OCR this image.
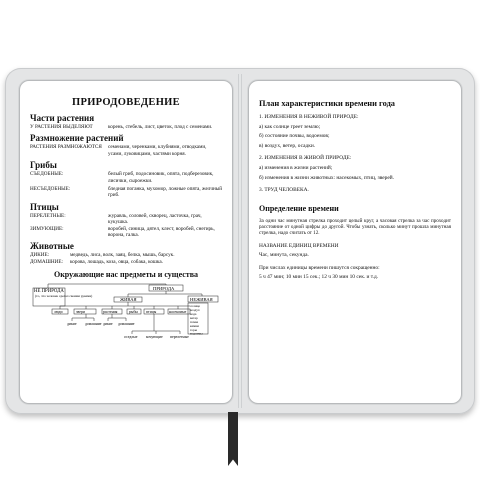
ПРИРОДОВЕДЕНИЕ
Части растения
У РАСТЕНИЯ ВЫДЕЛЯЮТ	корень, стебель, лист, цветок, плод с семенами.
Размножение растений
РАСТЕНИЯ РАЗМНОЖАЮТСЯ	семенами, черенками, клубнями, отводками, усами, луковицами, частями корня.
Грибы
СЪЕДОБНЫЕ:	белый гриб, подосиновик, опята, подберезовик, лисички, сыроежки.
НЕСЪЕДОБНЫЕ:	бледная поганка, мухомор, ложные опята, желчный гриб.
Птицы
ПЕРЕЛЕТНЫЕ:	журавль, соловей, скворец, ласточка, грач, кукушка.
ЗИМУЮЩИЕ:	воробей, синица, дятел, клест, воробей, снегирь, ворона, галка.
Животные
ДИКИЕ:	медведь, лиса, волк, заяц, белка, мышь, барсук.
ДОМАШНИЕ:	корова, лошадь, коза, овца, собака, кошка.
Окружающие нас предметы и существа
НЕ ПРИРОДА
(то, что человек сделал своими руками)
ПРИРОДА
ЖИВАЯ	НЕЖИВАЯ
люди	звери	растения	рыбы птицы	насекомые
дикие домашние дикие домашние
оседлые кочующие перелетные
солнце
воздух
вода
ветер
почва
камни
горы
водоемы
План характеристики времени года
1. ИЗМЕНЕНИЯ В НЕЖИВОЙ ПРИРОДЕ:
а) как солнце греет землю;
б) состояние почвы, водоемов;
в) воздух, ветер, осадки.
2. ИЗМЕНЕНИЯ В ЖИВОЙ ПРИРОДЕ:
а) изменения в жизни растений;
б) изменения в жизни животных: насекомых, птиц, зверей.
3. ТРУД ЧЕЛОВЕКА.
Определение времени
За одни час минутная стрелка проходит целый круг, а часовая стрелка за час проходит расстояние от одной цифры до другой. Чтобы узнать, сколько минут прошла минутная стрелка, надо считать от 12.
НАЗВАНИЕ ЕДИНИЦ ВРЕМЕНИ
Час, минута, секунда.
При числах единицы времени пишутся сокращенно:
5 ч 47 мин; 10 мин 15 сек.; 12 ч 30 мин 10 сек. и т.д.
